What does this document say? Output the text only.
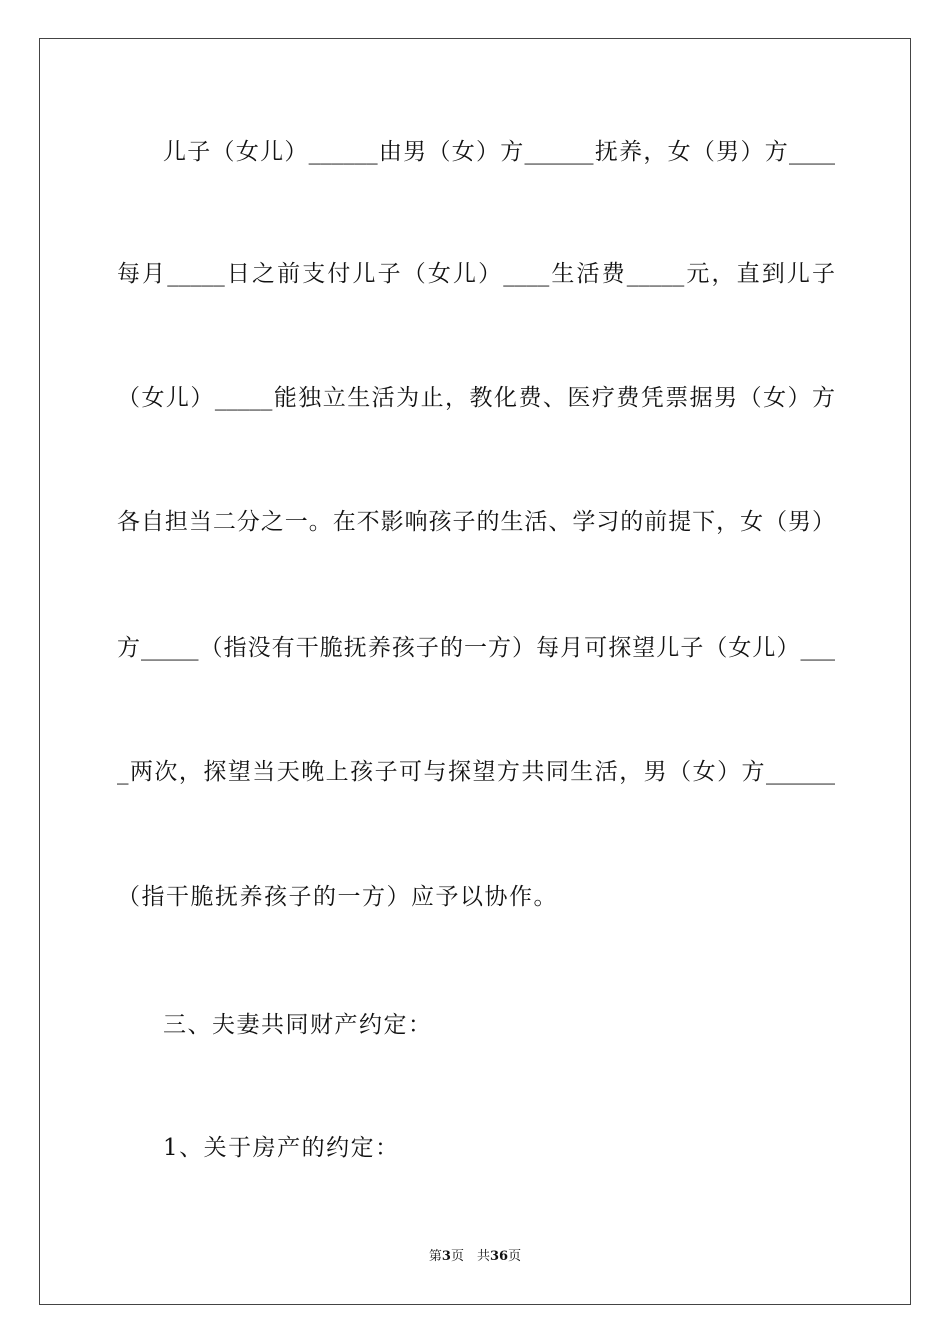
儿子（女儿）______由男（女）方______抚养，女（男）方____
每月_____日之前支付儿子（女儿）____生活费_____元，直到儿子
（女儿）_____能独立生活为止，教化费、医疗费凭票据男（女）方
各自担当二分之一。在不影响孩子的生活、学习的前提下，女（男）
方_____（指没有干脆抚养孩子的一方）每月可探望儿子（女儿）___
_两次，探望当天晚上孩子可与探望方共同生活，男（女）方______
（指干脆抚养孩子的一方）应予以协作。
三、夫妻共同财产约定：
1、关于房产的约定：
第3页　共36页
